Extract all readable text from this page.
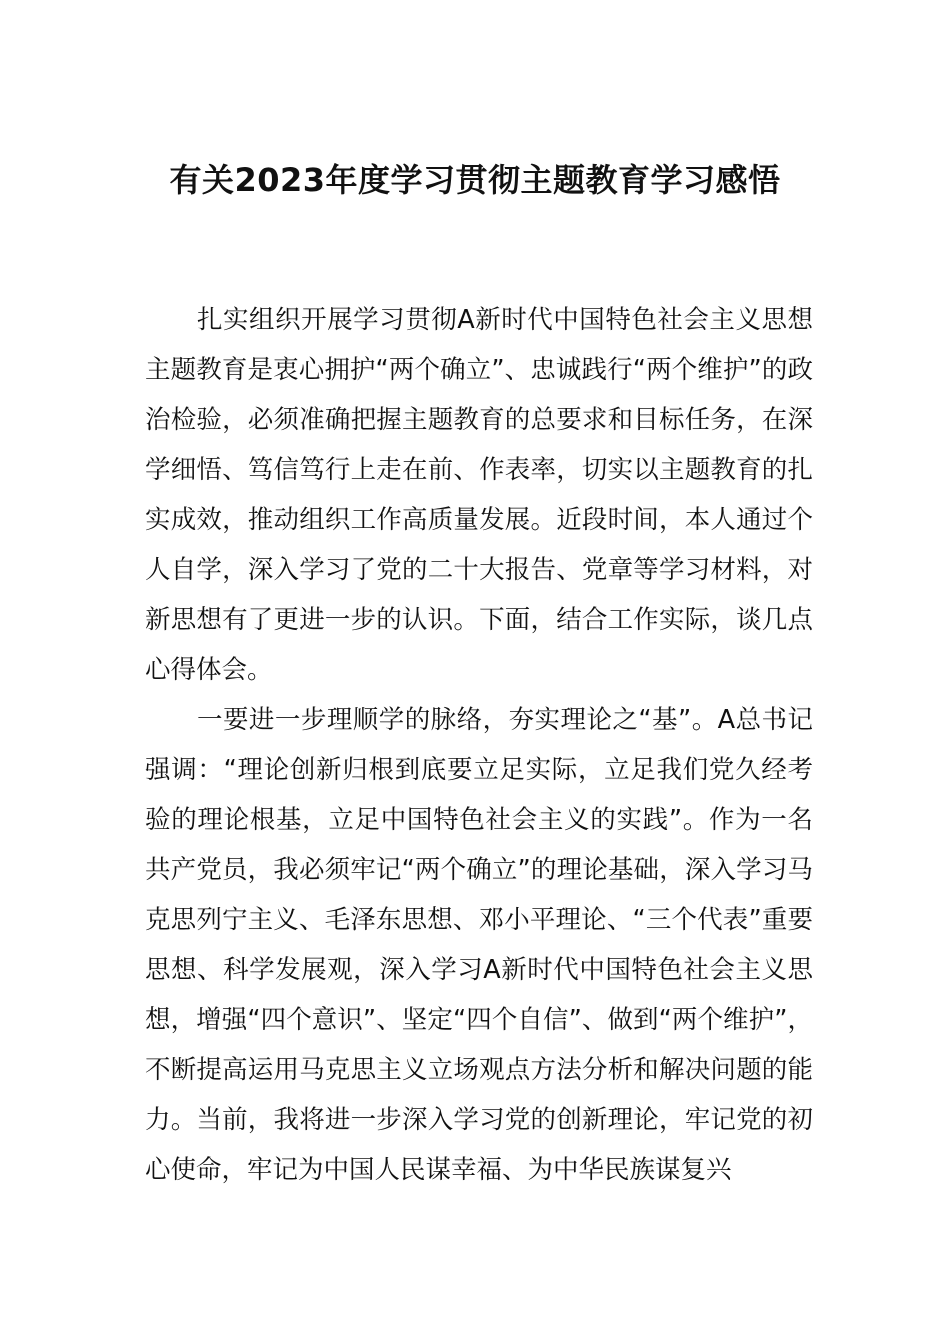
有关2023年度学习贯彻主题教育学习感悟

扎实组织开展学习贯彻A新时代中国特色社会主义思想主题教育是衷心拥护“两个确立”、忠诚践行“两个维护”的政治检验，必须准确把握主题教育的总要求和目标任务，在深学细悟、笃信笃行上走在前、作表率，切实以主题教育的扎实成效，推动组织工作高质量发展。近段时间，本人通过个人自学，深入学习了党的二十大报告、党章等学习材料，对新思想有了更进一步的认识。下面，结合工作实际，谈几点心得体会。

一要进一步理顺学的脉络，夯实理论之“基”。A总书记强调：“理论创新归根到底要立足实际，立足我们党久经考验的理论根基，立足中国特色社会主义的实践”。作为一名共产党员，我必须牢记“两个确立”的理论基础，深入学习马克思列宁主义、毛泽东思想、邓小平理论、“三个代表”重要思想、科学发展观，深入学习A新时代中国特色社会主义思想，增强“四个意识”、坚定“四个自信”、做到“两个维护”，不断提高运用马克思主义立场观点方法分析和解决问题的能力。当前，我将进一步深入学习党的创新理论，牢记党的初心使命，牢记为中国人民谋幸福、为中华民族谋复兴
